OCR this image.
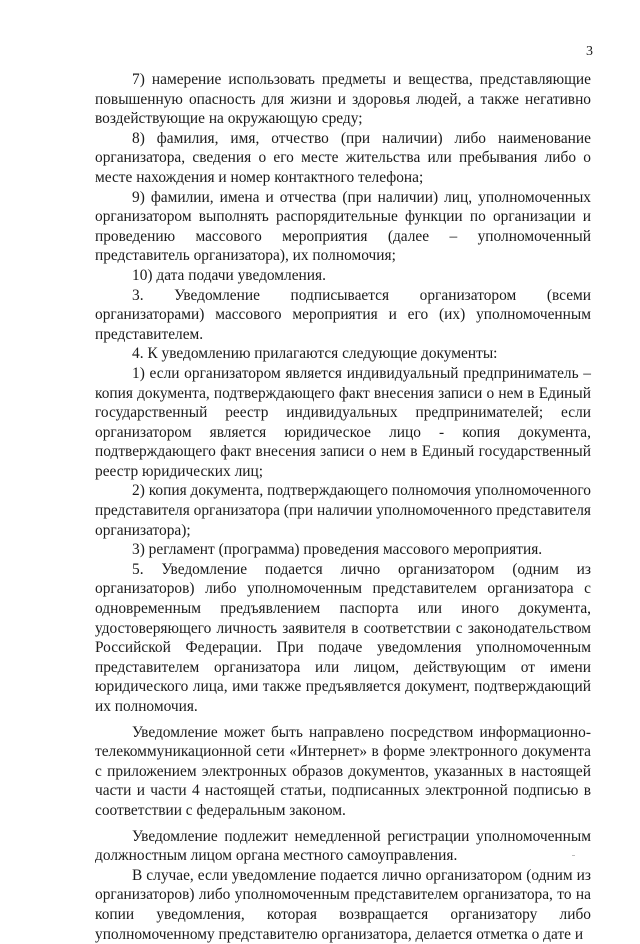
3

7) намерение использовать предметы и вещества, представляющие повышенную опасность для жизни и здоровья людей, а также негативно воздействующие на окружающую среду;

8) фамилия, имя, отчество (при наличии) либо наименование организатора, сведения о его месте жительства или пребывания либо о месте нахождения и номер контактного телефона;

9) фамилии, имена и отчества (при наличии) лиц, уполномоченных организатором выполнять распорядительные функции по организации и проведению массового мероприятия (далее – уполномоченный представитель организатора), их полномочия;

10) дата подачи уведомления.

3. Уведомление подписывается организатором (всеми организаторами) массового мероприятия и его (их) уполномоченным представителем.

4. К уведомлению прилагаются следующие документы:

1) если организатором является индивидуальный предприниматель – копия документа, подтверждающего факт внесения записи о нем в Единый государственный реестр индивидуальных предпринимателей; если организатором является юридическое лицо - копия документа, подтверждающего факт внесения записи о нем в Единый государственный реестр юридических лиц;

2) копия документа, подтверждающего полномочия уполномоченного представителя организатора (при наличии уполномоченного представителя организатора);

3) регламент (программа) проведения массового мероприятия.

5. Уведомление подается лично организатором (одним из организаторов) либо уполномоченным представителем организатора с одновременным предъявлением паспорта или иного документа, удостоверяющего личность заявителя в соответствии с законодательством Российской Федерации. При подаче уведомления уполномоченным представителем организатора или лицом, действующим от имени юридического лица, ими также предъявляется документ, подтверждающий их полномочия.

Уведомление может быть направлено посредством информационно-телекоммуникационной сети «Интернет» в форме электронного документа с приложением электронных образов документов, указанных в настоящей части и части 4 настоящей статьи, подписанных электронной подписью в соответствии с федеральным законом.

Уведомление подлежит немедленной регистрации уполномоченным должностным лицом органа местного самоуправления.

В случае, если уведомление подается лично организатором (одним из организаторов) либо уполномоченным представителем организатора, то на копии уведомления, которая возвращается организатору либо уполномоченному представителю организатора, делается отметка о дате и
